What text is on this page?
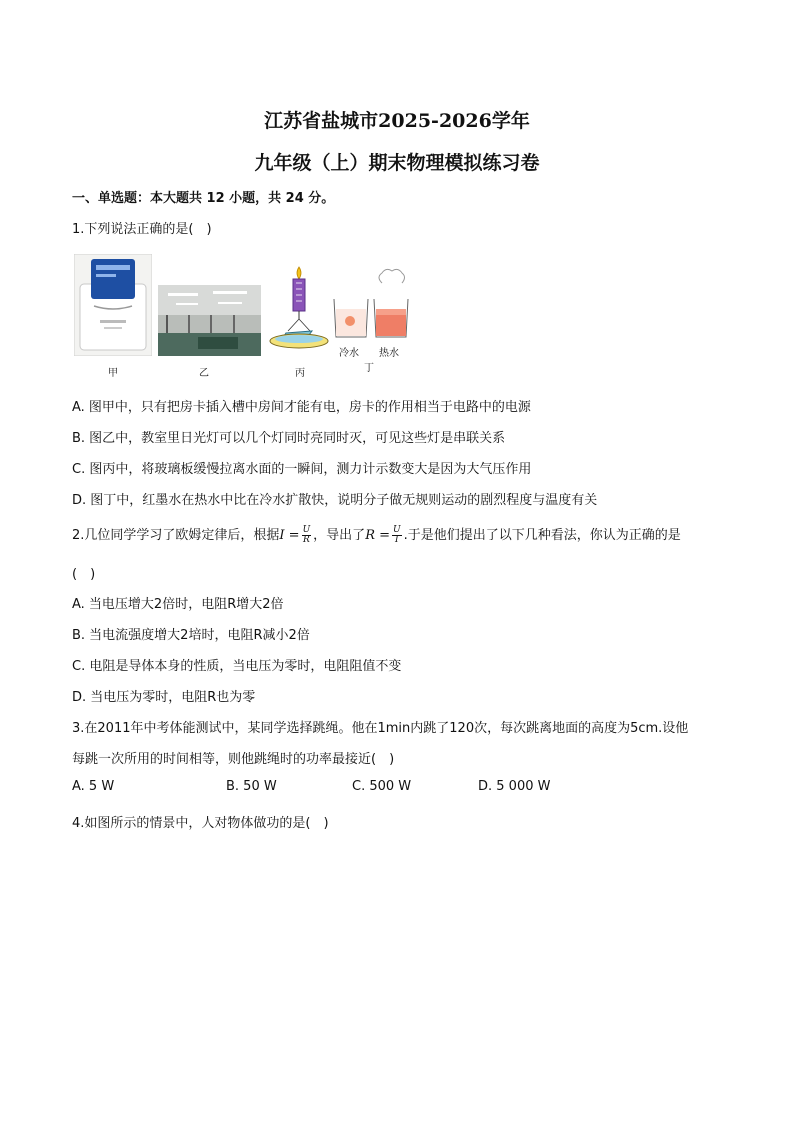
江苏省盐城市2025-2026学年
九年级（上）期末物理模拟练习卷
一、单选题：本大题共 12 小题，共 24 分。
1.下列说法正确的是(　)
甲	乙	丙
冷水 热水
丁
A. 图甲中，只有把房卡插入槽中房间才能有电，房卡的作用相当于电路中的电源
B. 图乙中，教室里日光灯可以几个灯同时亮同时灭，可见这些灯是串联关系
C. 图丙中，将玻璃板缓慢拉离水面的一瞬间，测力计示数变大是因为大气压作用
D. 图丁中，红墨水在热水中比在冷水扩散快，说明分子做无规则运动的剧烈程度与温度有关
2.几位同学学习了欧姆定律后，根据$I = \frac{U}{R}$ ，导出了$R = \frac{U}{I}$ .于是他们提出了以下几种看法，你认为正确的是
(　)
A. 当电压增大2倍时，电阻R增大2倍
B. 当电流强度增大2培时，电阻R减小2倍
C. 电阻是导体本身的性质，当电压为零时，电阻阻值不变
D. 当电压为零时，电阻R也为零
3.在2011年中考体能测试中，某同学选择跳绳。他在1min内跳了120次，每次跳离地面的高度为5cm.设他
每跳一次所用的时间相等，则他跳绳时的功率最接近(　)
A. 5 W	B. 50 W	C. 500 W	D. 5 000 W
4.如图所示的情景中，人对物体做功的是(　)
